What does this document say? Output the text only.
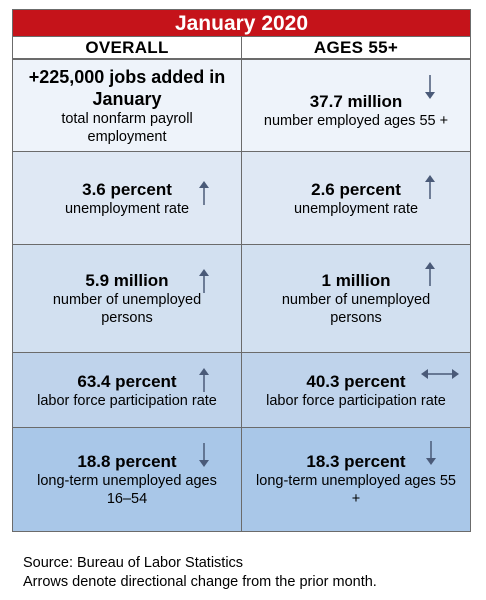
January 2020
OVERALL	AGES 55+
+225,000 jobs added in January
total nonfarm payroll employment
37.7 million
number employed ages 55 +
3.6 percent
unemployment rate
2.6 percent
unemployment rate
5.9 million
number of unemployed persons
1 million
number of unemployed persons
63.4 percent
labor force participation rate
40.3 percent
labor force participation rate
18.8 percent
long-term unemployed ages 16–54
18.3 percent
long-term unemployed ages 55 +
Source: Bureau of Labor Statistics
Arrows denote directional change from the prior month.
